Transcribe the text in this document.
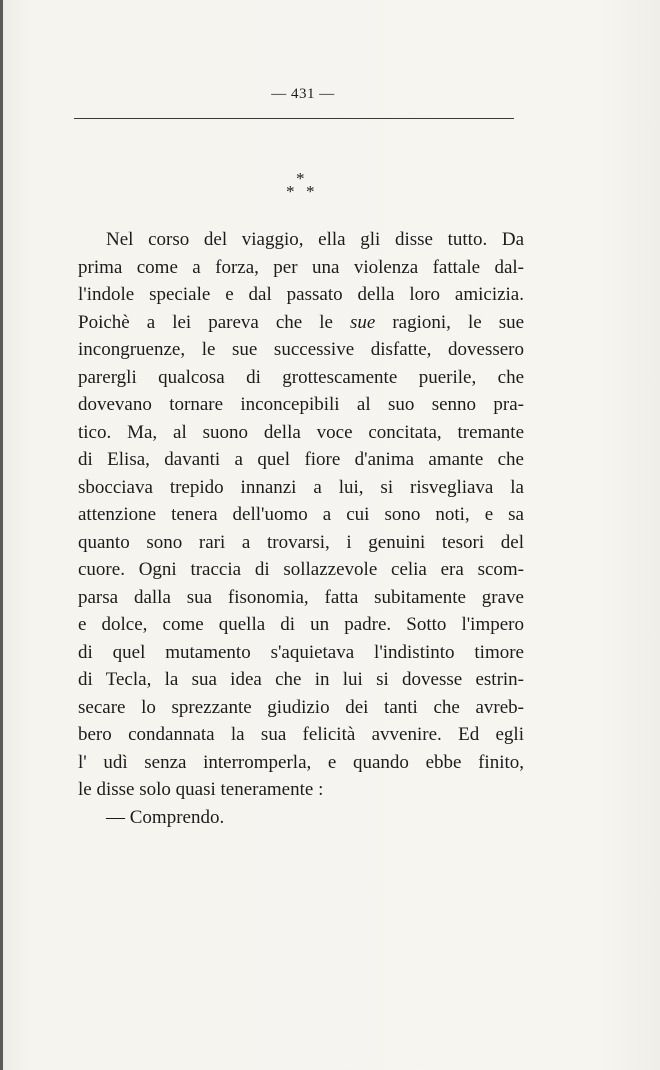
— 431 —
*
* *
Nel corso del viaggio, ella gli disse tutto. Da
prima come a forza, per una violenza fattale dal-
l'indole speciale e dal passato della loro amicizia.
Poichè a lei pareva che le sue ragioni, le sue
incongruenze, le sue successive disfatte, dovessero
parergli qualcosa di grottescamente puerile, che
dovevano tornare inconcepibili al suo senno pra-
tico. Ma, al suono della voce concitata, tremante
di Elisa, davanti a quel fiore d'anima amante che
sbocciava trepido innanzi a lui, si risvegliava la
attenzione tenera dell'uomo a cui sono noti, e sa
quanto sono rari a trovarsi, i genuini tesori del
cuore. Ogni traccia di sollazzevole celia era scom-
parsa dalla sua fisonomia, fatta subitamente grave
e dolce, come quella di un padre. Sotto l'impero
di quel mutamento s'aquietava l'indistinto timore
di Tecla, la sua idea che in lui si dovesse estrin-
secare lo sprezzante giudizio dei tanti che avreb-
bero condannata la sua felicità avvenire. Ed egli
l' udì senza interromperla, e quando ebbe finito,
le disse solo quasi teneramente :
— Comprendo.
